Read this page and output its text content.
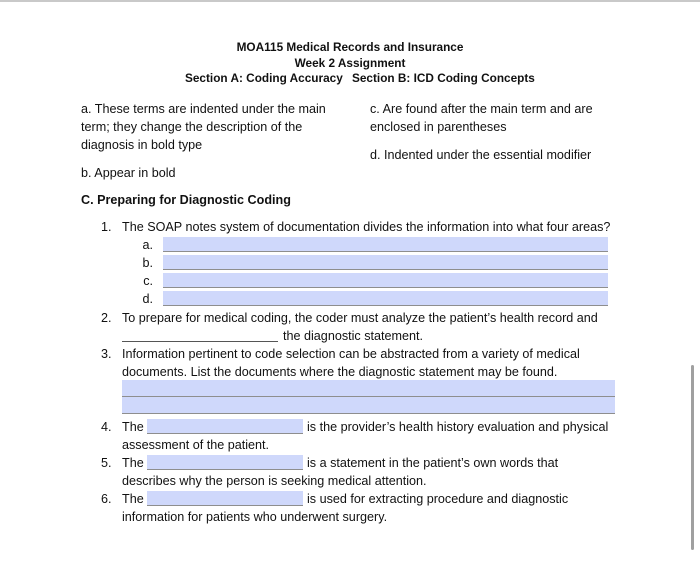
MOA115 Medical Records and Insurance
Week 2 Assignment
Section A: Coding Accuracy Section B: ICD Coding Concepts
a. These terms are indented under the main
term; they change the description of the
diagnosis in bold type
b. Appear in bold
c. Are found after the main term and are
enclosed in parentheses
d. Indented under the essential modifier
C. Preparing for Diagnostic Coding
1. The SOAP notes system of documentation divides the information into what four areas?
a.
b.
c.
d.
2. To prepare for medical coding, the coder must analyze the patient’s health record and
the diagnostic statement.
3. Information pertinent to code selection can be abstracted from a variety of medical
documents. List the documents where the diagnostic statement may be found.
4. The	is the provider’s health history evaluation and physical
assessment of the patient.
5. The	is a statement in the patient’s own words that
describes why the person is seeking medical attention.
6. The	is used for extracting procedure and diagnostic
information for patients who underwent surgery.
